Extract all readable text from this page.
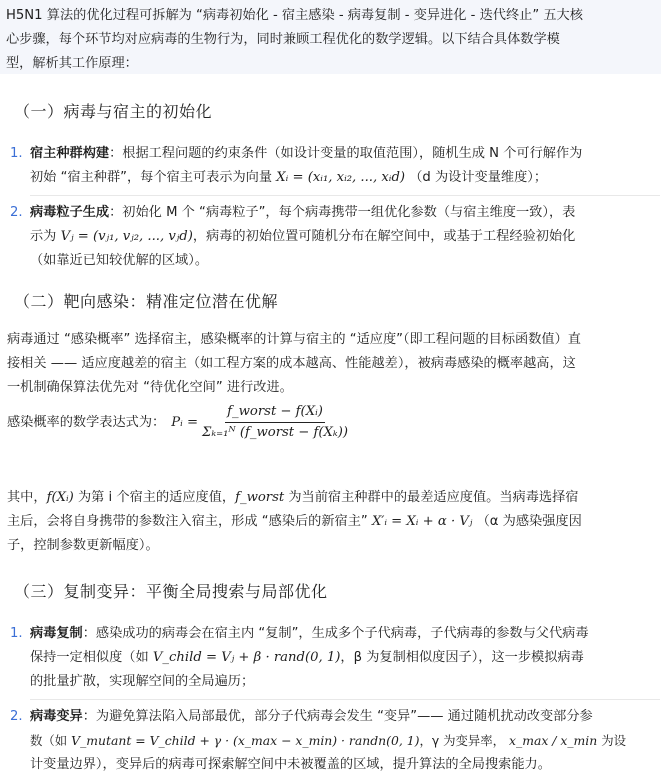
H5N1 算法的优化过程可拆解为 “病毒初始化 - 宿主感染 - 病毒复制 - 变异进化 - 迭代终止” 五大核
心步骤，每个环节均对应病毒的生物行为，同时兼顾工程优化的数学逻辑。以下结合具体数学模
型，解析其工作原理：
（一）病毒与宿主的初始化
1. 宿主种群构建：根据工程问题的约束条件（如设计变量的取值范围），随机生成 N 个可行解作为
初始 “宿主种群”，每个宿主可表示为向量 Xᵢ = (xᵢ₁, xᵢ₂, ..., xᵢd) （d 为设计变量维度）；
2. 病毒粒子生成：初始化 M 个 “病毒粒子”，每个病毒携带一组优化参数（与宿主维度一致），表
示为 Vⱼ = (vⱼ₁, vⱼ₂, ..., vⱼd)，病毒的初始位置可随机分布在解空间中，或基于工程经验初始化
（如靠近已知较优解的区域）。
（二）靶向感染：精准定位潜在优解
病毒通过 “感染概率” 选择宿主，感染概率的计算与宿主的 “适应度”（即工程问题的目标函数值）直
接相关 —— 适应度越差的宿主（如工程方案的成本越高、性能越差），被病毒感染的概率越高，这
一机制确保算法优先对 “待优化空间” 进行改进。
感染概率的数学表达式为： Pᵢ = $\frac{\text{f\_worst − f(Xᵢ)}}{\text{Σₖ₌₁ᴺ (f\_worst − f(Xₖ))}}$
其中，f(Xᵢ) 为第 i 个宿主的适应度值，f_worst 为当前宿主种群中的最差适应度值。当病毒选择宿
主后，会将自身携带的参数注入宿主，形成 “感染后的新宿主” X′ᵢ = Xᵢ + α · Vⱼ （α 为感染强度因
子，控制参数更新幅度）。
（三）复制变异：平衡全局搜索与局部优化
1. 病毒复制：感染成功的病毒会在宿主内 “复制”，生成多个子代病毒，子代病毒的参数与父代病毒
保持一定相似度（如 V_child = Vⱼ + β · rand(0, 1)，β 为复制相似度因子），这一步模拟病毒
的批量扩散，实现解空间的全局遍历；
2. 病毒变异：为避免算法陷入局部最优，部分子代病毒会发生 “变异”—— 通过随机扰动改变部分参
数（如 V_mutant = V_child + γ · (x_max − x_min) · randn(0, 1)，γ 为变异率， x_max / x_min 为设
计变量边界），变异后的病毒可探索解空间中未被覆盖的区域，提升算法的全局搜索能力。
